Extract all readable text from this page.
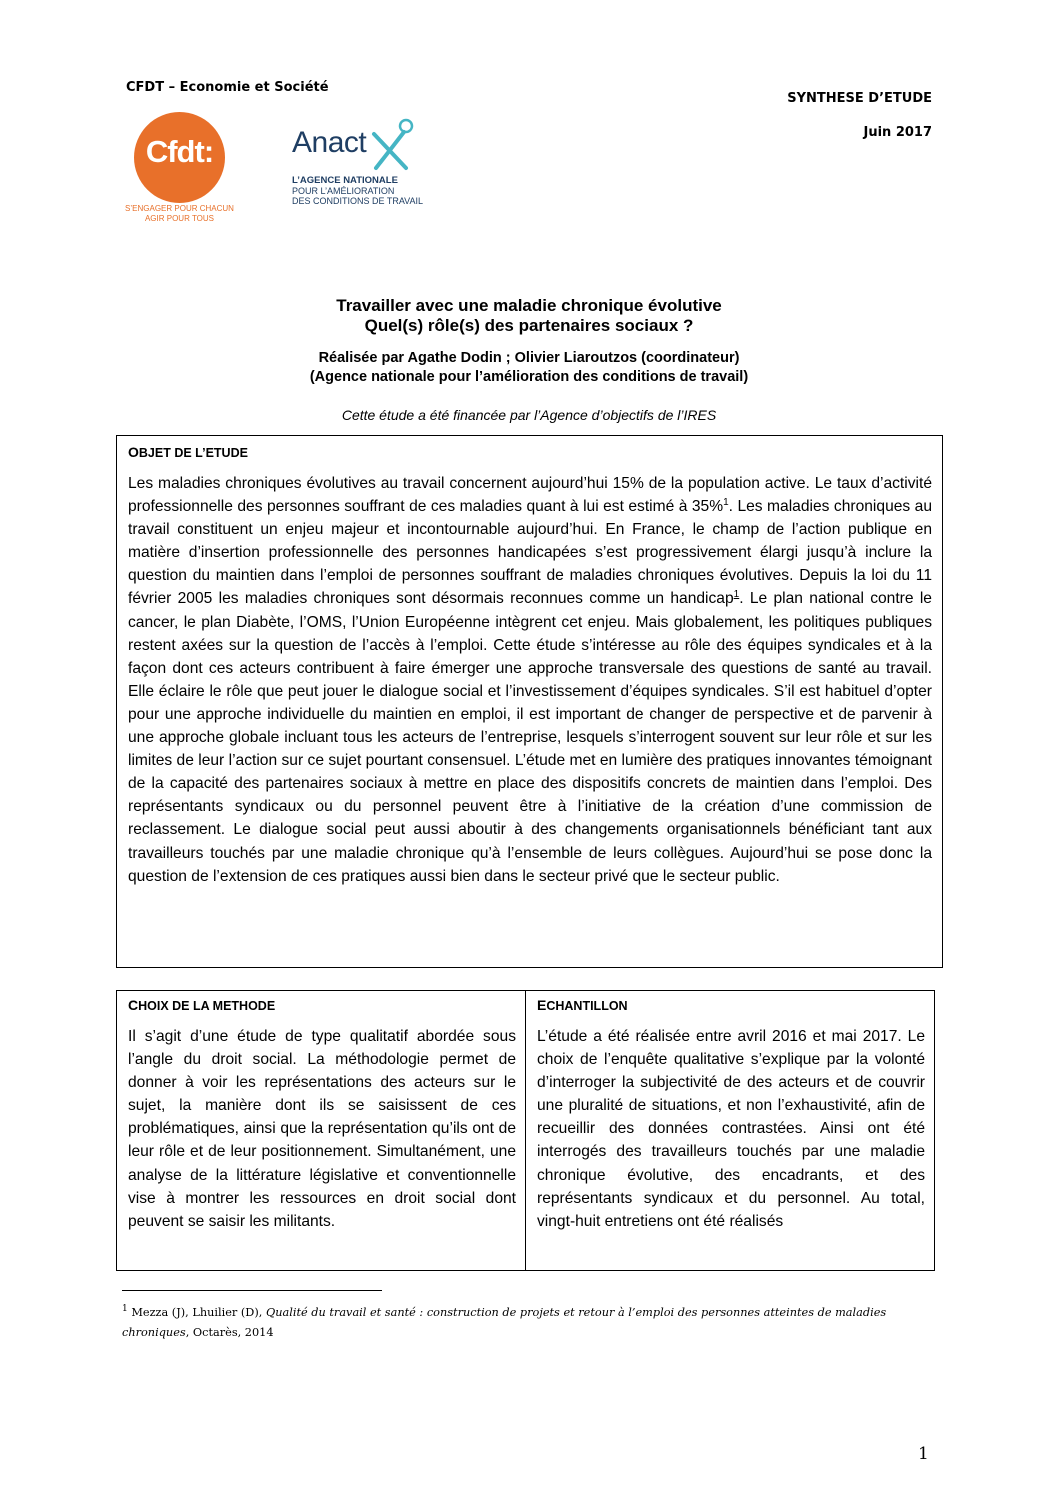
CFDT – Economie et Société
SYNTHESE D’ETUDE
Juin 2017
Cfdt:
S’ENGAGER POUR CHACUN
AGIR POUR TOUS
Anact
L’AGENCE NATIONALE
POUR L’AMÉLIORATION
DES CONDITIONS DE TRAVAIL
Travailler avec une maladie chronique évolutive
Quel(s) rôle(s) des partenaires sociaux ?
Réalisée par Agathe Dodin ; Olivier Liaroutzos (coordinateur)
(Agence nationale pour l’amélioration des conditions de travail)
Cette étude a été financée par l’Agence d’objectifs de l’IRES
OBJET DE L’ETUDE
Les maladies chroniques évolutives au travail concernent aujourd’hui 15% de la population active. Le taux d’activité professionnelle des personnes souffrant de ces maladies quant à lui est estimé à 35%$^1$. Les maladies chroniques au travail constituent un enjeu majeur et incontournable aujourd’hui. En France, le champ de l’action publique en matière d’insertion professionnelle des personnes handicapées s’est progressivement élargi jusqu’à inclure la question du maintien dans l’emploi de personnes souffrant de maladies chroniques évolutives. Depuis la loi du 11 février 2005 les maladies chroniques sont désormais reconnues comme un handicap$^1$. Le plan national contre le cancer, le plan Diabète, l’OMS, l’Union Européenne intègrent cet enjeu. Mais globalement, les politiques publiques restent axées sur la question de l’accès à l’emploi. Cette étude s’intéresse au rôle des équipes syndicales et à la façon dont ces acteurs contribuent à faire émerger une approche transversale des questions de santé au travail. Elle éclaire le rôle que peut jouer le dialogue social et l’investissement d’équipes syndicales. S’il est habituel d’opter pour une approche individuelle du maintien en emploi, il est important de changer de perspective et de parvenir à une approche globale incluant tous les acteurs de l’entreprise, lesquels s’interrogent souvent sur leur rôle et sur les limites de leur l’action sur ce sujet pourtant consensuel. L’étude met en lumière des pratiques innovantes témoignant de la capacité des partenaires sociaux à mettre en place des dispositifs concrets de maintien dans l’emploi. Des représentants syndicaux ou du personnel peuvent être à l’initiative de la création d’une commission de reclassement. Le dialogue social peut aussi aboutir à des changements organisationnels bénéficiant tant aux travailleurs touchés par une maladie chronique qu’à l’ensemble de leurs collègues. Aujourd’hui se pose donc la question de l’extension de ces pratiques aussi bien dans le secteur privé que le secteur public.
CHOIX DE LA METHODE
Il s’agit d’une étude de type qualitatif abordée sous l’angle du droit social. La méthodologie permet de donner à voir les représentations des acteurs sur le sujet, la manière dont ils se saisissent de ces problématiques, ainsi que la représentation qu’ils ont de leur rôle et de leur positionnement. Simultanément, une analyse de la littérature législative et conventionnelle vise à montrer les ressources en droit social dont peuvent se saisir les militants.
ECHANTILLON
L’étude a été réalisée entre avril 2016 et mai 2017. Le choix de l’enquête qualitative s’explique par la volonté d’interroger la subjectivité de des acteurs et de couvrir une pluralité de situations, et non l’exhaustivité, afin de recueillir des données contrastées. Ainsi ont été interrogés des travailleurs touchés par une maladie chronique évolutive, des encadrants, et des représentants syndicaux et du personnel. Au total, vingt-huit entretiens ont été réalisés
$^1$ Mezza (J), Lhuilier (D), Qualité du travail et santé : construction de projets et retour à l’emploi des personnes atteintes de maladies chroniques, Octarès, 2014
1
